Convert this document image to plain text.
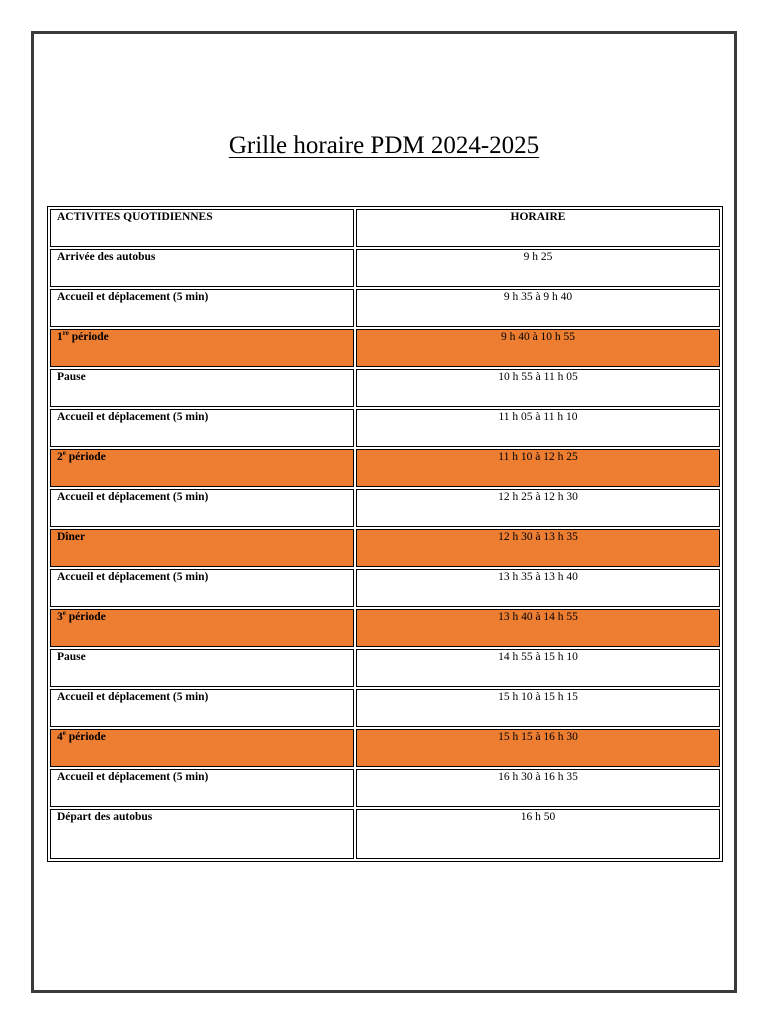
Grille horaire PDM 2024-2025
ACTIVITES QUOTIDIENNES	HORAIRE
Arrivée des autobus	9 h 25
Accueil et déplacement (5 min)	9 h 35 à 9 h 40
1re période	9 h 40 à 10 h 55
Pause	10 h 55 à 11 h 05
Accueil et déplacement (5 min)	11 h 05 à 11 h 10
2e période	11 h 10 à 12 h 25
Accueil et déplacement (5 min)	12 h 25 à 12 h 30
Dîner	12 h 30 à 13 h 35
Accueil et déplacement (5 min)	13 h 35 à 13 h 40
3e période	13 h 40 à 14 h 55
Pause	14 h 55 à 15 h 10
Accueil et déplacement (5 min)	15 h 10 à 15 h 15
4e période	15 h 15 à 16 h 30
Accueil et déplacement (5 min)	16 h 30 à 16 h 35
Départ des autobus	16 h 50
